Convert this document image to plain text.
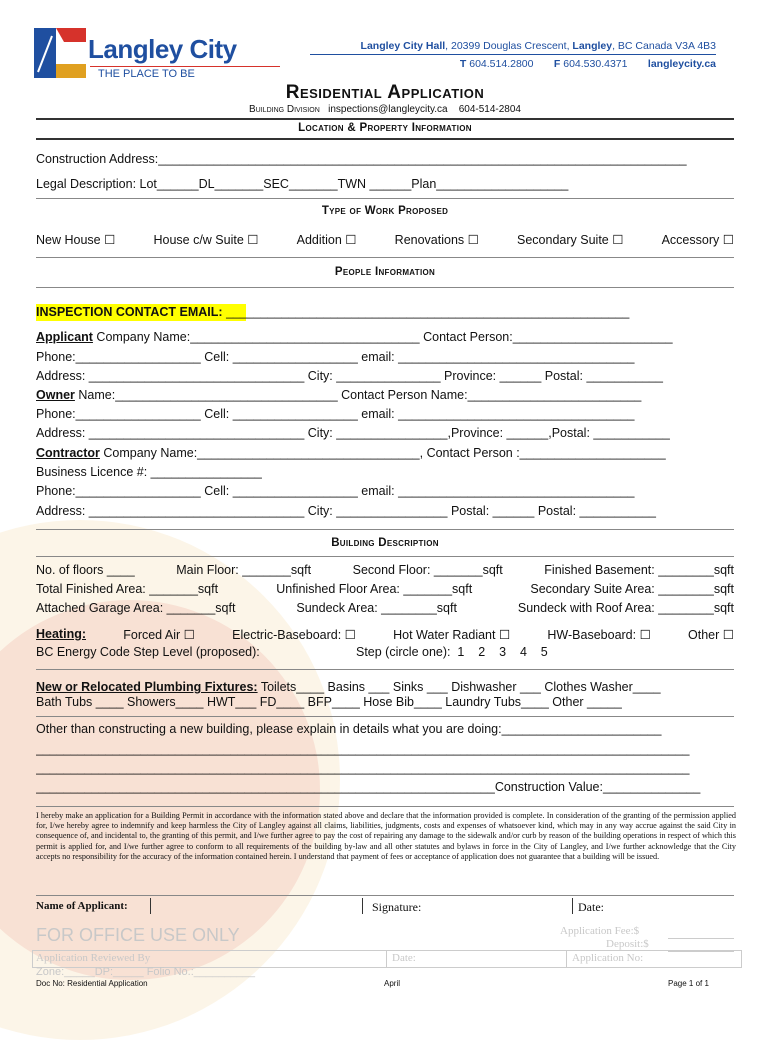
Langley City
THE PLACE TO BE
Langley City Hall, 20399 Douglas Crescent, Langley, BC Canada V3A 4B3
T 604.514.2800 F 604.530.4371 langleycity.ca
Residential Application
Building Division inspections@langleycity.ca 604-514-2804
Location & Property Information
Construction Address:____________________________________________________________________________
Legal Description: Lot______DL_______SEC_______TWN ______Plan___________________
Type of Work Proposed
New House ☐	House c/w Suite ☐	Addition ☐	Renovations ☐	Secondary Suite ☐	Accessory ☐
People Information
INSPECTION CONTACT EMAIL: __________________________________________________________
Applicant Company Name:_________________________________ Contact Person:_______________________
Phone:__________________ Cell: __________________ email: __________________________________
Address: _______________________________ City: _______________ Province: ______ Postal: ___________
Owner Name:________________________________ Contact Person Name:_________________________
Phone:__________________ Cell: __________________ email: __________________________________
Address: _______________________________ City: ________________,Province: ______,Postal: ___________
Contractor Company Name:________________________________, Contact Person :_____________________
Business Licence #: ________________
Phone:__________________ Cell: __________________ email: __________________________________
Address: _______________________________ City: ________________ Postal: ______ Postal: ___________
Building Description
No. of floors ____	Main Floor: _______sqft	Second Floor: _______sqft	Finished Basement: ________sqft
Total Finished Area: _______sqft	Unfinished Floor Area: _______sqft	Secondary Suite Area: ________sqft
Attached Garage Area: _______sqft	Sundeck Area: ________sqft	Sundeck with Roof Area: ________sqft
Heating:	Forced Air ☐	Electric-Baseboard: ☐	Hot Water Radiant ☐	HW-Baseboard: ☐	Other ☐
BC Energy Code Step Level (proposed):	Step (circle one):  1    2    3    4    5
New or Relocated Plumbing Fixtures: Toilets____ Basins ___ Sinks ___ Dishwasher ___ Clothes Washer____
Bath Tubs ____ Showers____ HWT___ FD____ BFP____ Hose Bib____ Laundry Tubs____ Other _____
Other than constructing a new building, please explain in details what you are doing:_______________________
______________________________________________________________________________________________
______________________________________________________________________________________________
__________________________________________________________________Construction Value:______________
I hereby make an application for a Building Permit in accordance with the information stated above and declare that the information provided is complete. In consideration of the granting of the permission applied for, I/we hereby agree to indemnify and keep harmless the City of Langley against all claims, liabilities, judgments, costs and expenses of whatsoever kind, which may in any way accrue against the said City in consequence of, and incidental to, the granting of this permit, and I/we further agree to pay the cost of repairing any damage to the sidewalk and/or curb by reason of the building operations in respect of which this permit is applied for, and I/we further agree to conform to all requirements of the building by-law and all other statutes and bylaws in force in the City of Langley, and I/we further acknowledge that the City accepts no responsibility for the accuracy of the information contained herein. I understand that payment of fees or acceptance of application does not guarantee that a building will be issued.
Name of Applicant:	Signature:	Date:
FOR OFFICE USE ONLY	Application Fee:$
Deposit:$
Application Reviewed By	Date:	Application No:
Zone:_____DP:_____ Folio No.:__________
Doc No: Residential Application	April	Page 1 of 1
